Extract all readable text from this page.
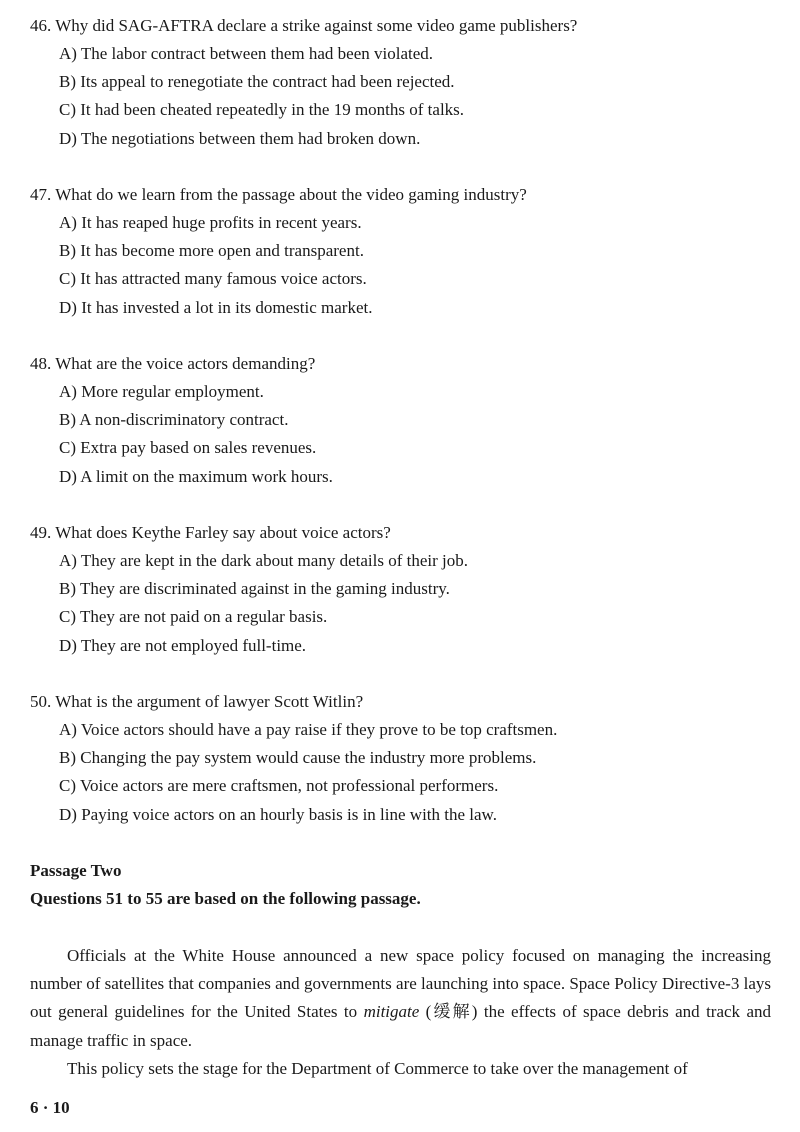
46. Why did SAG-AFTRA declare a strike against some video game publishers?

A) The labor contract between them had been violated.

B) Its appeal to renegotiate the contract had been rejected.

C) It had been cheated repeatedly in the 19 months of talks.

D) The negotiations between them had broken down.

47. What do we learn from the passage about the video gaming industry?

A) It has reaped huge profits in recent years.

B) It has become more open and transparent.

C) It has attracted many famous voice actors.

D) It has invested a lot in its domestic market.

48. What are the voice actors demanding?

A) More regular employment.

B) A non-discriminatory contract.

C) Extra pay based on sales revenues.

D) A limit on the maximum work hours.

49. What does Keythe Farley say about voice actors?

A) They are kept in the dark about many details of their job.

B) They are discriminated against in the gaming industry.

C) They are not paid on a regular basis.

D) They are not employed full-time.

50. What is the argument of lawyer Scott Witlin?

A) Voice actors should have a pay raise if they prove to be top craftsmen.

B) Changing the pay system would cause the industry more problems.

C) Voice actors are mere craftsmen, not professional performers.

D) Paying voice actors on an hourly basis is in line with the law.

Passage Two

Questions 51 to 55 are based on the following passage.

Officials at the White House announced a new space policy focused on managing the increasing number of satellites that companies and governments are launching into space. Space Policy Directive-3 lays out general guidelines for the United States to mitigate (缓解) the effects of space debris and track and manage traffic in space.

This policy sets the stage for the Department of Commerce to take over the management of

6 · 10
